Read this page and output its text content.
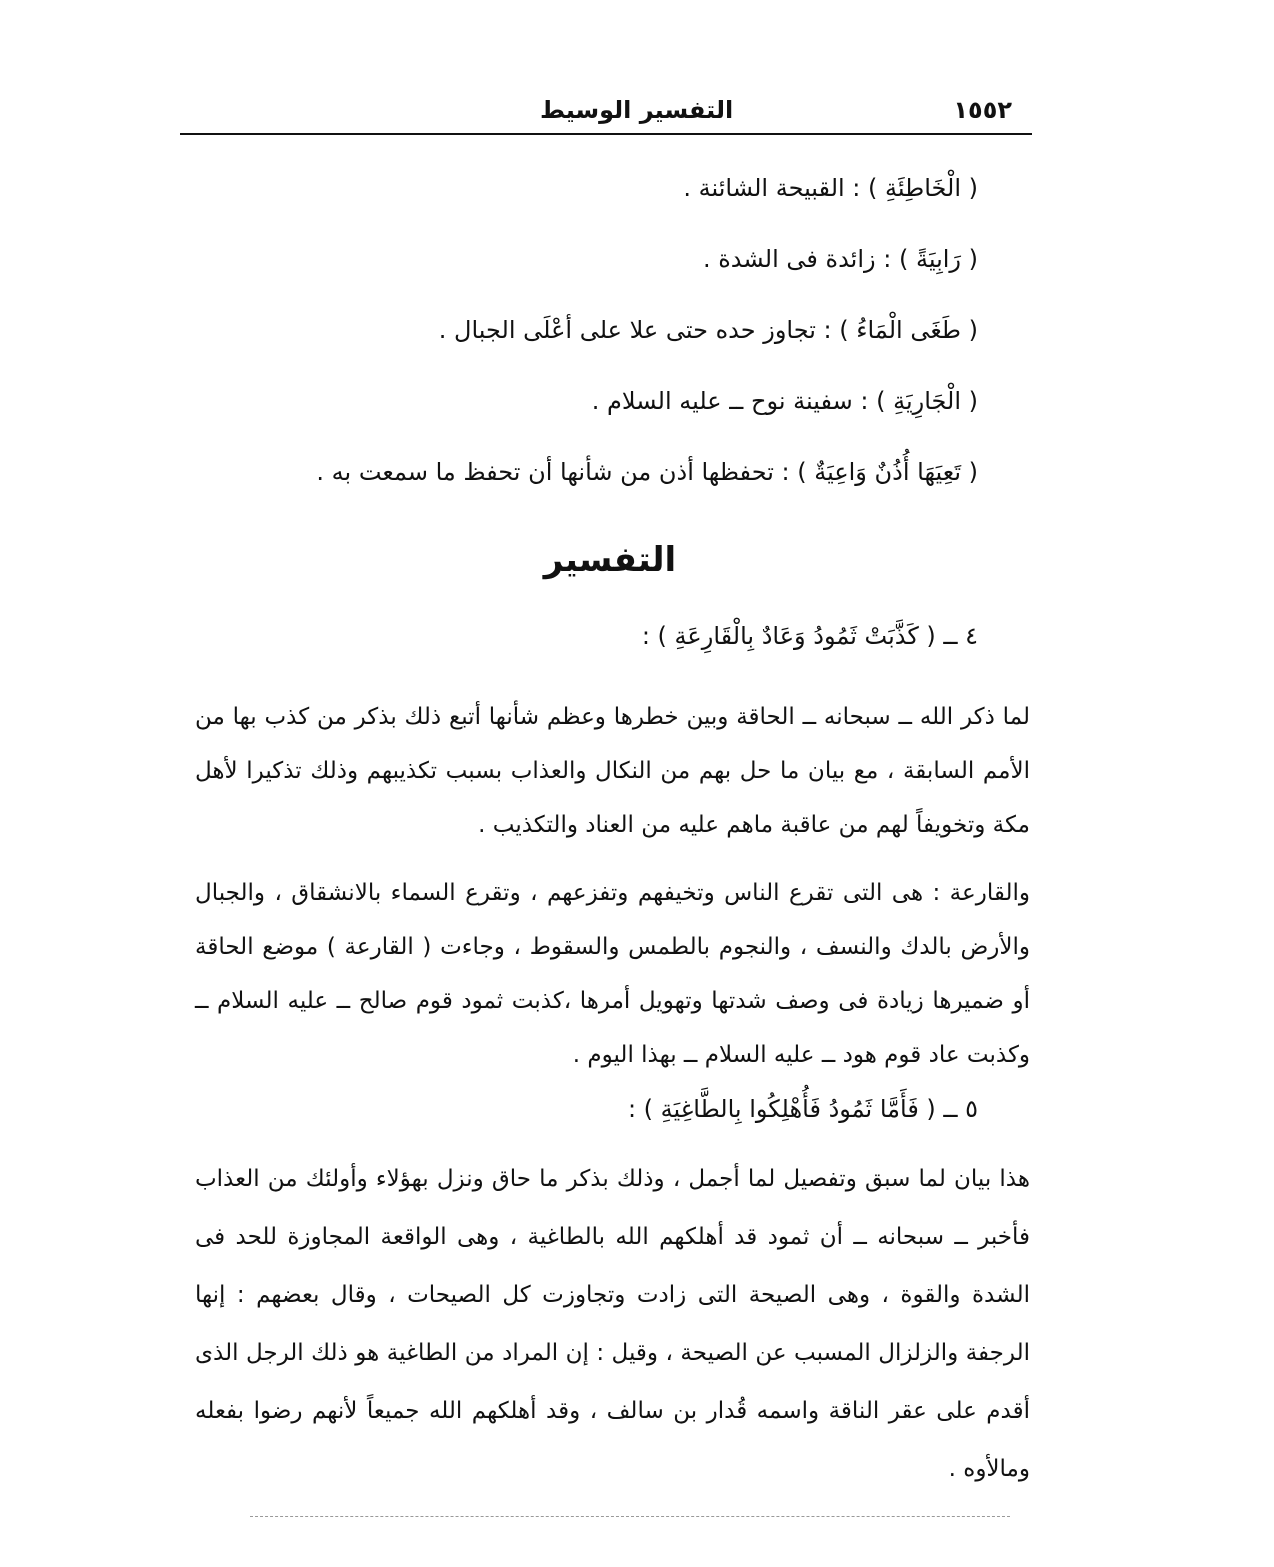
١٥٥٢
التفسير الوسيط
( الْخَاطِئَةِ ) : القبيحة الشائنة .
( رَابِيَةً ) : زائدة فى الشدة .
( طَغَى الْمَاءُ ) : تجاوز حده حتى علا على أعْلَى الجبال .
( الْجَارِيَةِ ) : سفينة نوح ــ عليه السلام .
( تَعِيَهَا أُذُنٌ وَاعِيَةٌ ) : تحفظها أذن من شأنها أن تحفظ ما سمعت به .
التفسير
٤ ــ ( كَذَّبَتْ ثَمُودُ وَعَادٌ بِالْقَارِعَةِ ) :
لما ذكر الله ــ سبحانه ــ الحاقة وبين خطرها وعظم شأنها أتبع ذلك بذكر من كذب بها من الأمم السابقة ، مع بيان ما حل بهم من النكال والعذاب بسبب تكذيبهم وذلك تذكيرا لأهل مكة وتخويفاً لهم من عاقبة ماهم عليه من العناد والتكذيب .
والقارعة : هى التى تقرع الناس وتخيفهم وتفزعهم ، وتقرع السماء بالانشقاق ، والجبال والأرض بالدك والنسف ، والنجوم بالطمس والسقوط ، وجاءت ( القارعة ) موضع الحاقة أو ضميرها زيادة فى وصف شدتها وتهويل أمرها ،كذبت ثمود قوم صالح ــ عليه السلام ــ وكذبت عاد قوم هود ــ عليه السلام ــ بهذا اليوم .
٥ ــ ( فَأَمَّا ثَمُودُ فَأُهْلِكُوا بِالطَّاغِيَةِ ) :
هذا بيان لما سبق وتفصيل لما أجمل ، وذلك بذكر ما حاق ونزل بهؤلاء وأولئك من العذاب فأخبر ــ سبحانه ــ أن ثمود قد أهلكهم الله بالطاغية ، وهى الواقعة المجاوزة للحد فى الشدة والقوة ، وهى الصيحة التى زادت وتجاوزت كل الصيحات ، وقال بعضهم : إنها الرجفة والزلزال المسبب عن الصيحة ، وقيل : إن المراد من الطاغية هو ذلك الرجل الذى أقدم على عقر الناقة واسمه قُدار بن سالف ، وقد أهلكهم الله جميعاً لأنهم رضوا بفعله ومالأوه .
